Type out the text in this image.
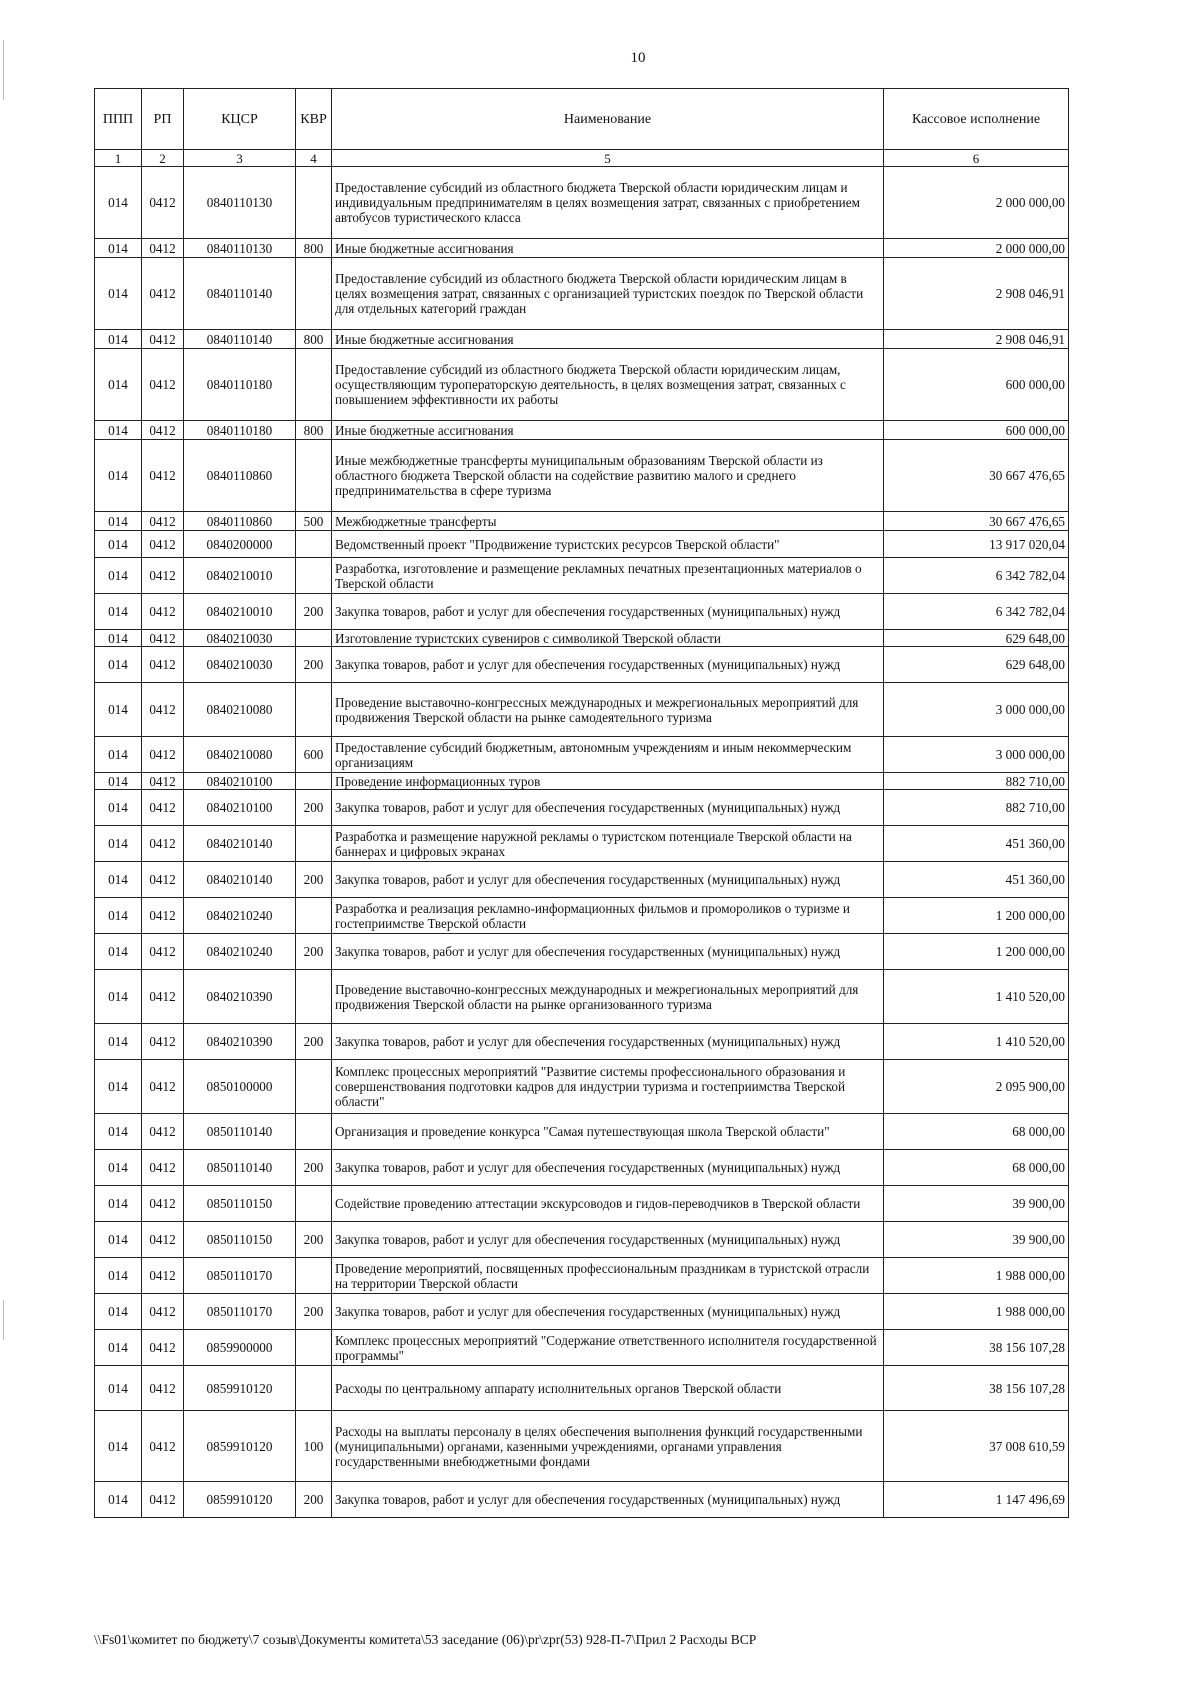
10
ППП	РП	КЦСР	КВР	Наименование	Кассовое исполнение
1	2	3	4	5	6
014	0412	0840110130		Предоставление субсидий из областного бюджета Тверской области юридическим лицам и индивидуальным предпринимателям в целях возмещения затрат, связанных с приобретением автобусов туристического класса	2 000 000,00
014	0412	0840110130	800	Иные бюджетные ассигнования	2 000 000,00
014	0412	0840110140		Предоставление субсидий из областного бюджета Тверской области юридическим лицам в целях возмещения затрат, связанных с организацией туристских поездок по Тверской области для отдельных категорий граждан	2 908 046,91
014	0412	0840110140	800	Иные бюджетные ассигнования	2 908 046,91
014	0412	0840110180		Предоставление субсидий из областного бюджета Тверской области юридическим лицам, осуществляющим туроператорскую деятельность, в целях возмещения затрат, связанных с повышением эффективности их работы	600 000,00
014	0412	0840110180	800	Иные бюджетные ассигнования	600 000,00
014	0412	0840110860		Иные межбюджетные трансферты муниципальным образованиям Тверской области из областного бюджета Тверской области на содействие развитию малого и среднего предпринимательства в сфере туризма	30 667 476,65
014	0412	0840110860	500	Межбюджетные трансферты	30 667 476,65
014	0412	0840200000		Ведомственный проект "Продвижение туристских ресурсов Тверской области"	13 917 020,04
014	0412	0840210010		Разработка, изготовление и размещение рекламных печатных презентационных материалов о Тверской области	6 342 782,04
014	0412	0840210010	200	Закупка товаров, работ и услуг для обеспечения государственных (муниципальных) нужд	6 342 782,04
014	0412	0840210030		Изготовление туристских сувениров с символикой Тверской области	629 648,00
014	0412	0840210030	200	Закупка товаров, работ и услуг для обеспечения государственных (муниципальных) нужд	629 648,00
014	0412	0840210080		Проведение выставочно-конгрессных международных и межрегиональных мероприятий для продвижения Тверской области на рынке самодеятельного туризма	3 000 000,00
014	0412	0840210080	600	Предоставление субсидий бюджетным, автономным учреждениям и иным некоммерческим организациям	3 000 000,00
014	0412	0840210100		Проведение информационных туров	882 710,00
014	0412	0840210100	200	Закупка товаров, работ и услуг для обеспечения государственных (муниципальных) нужд	882 710,00
014	0412	0840210140		Разработка и размещение наружной рекламы о туристском потенциале Тверской области на баннерах и цифровых экранах	451 360,00
014	0412	0840210140	200	Закупка товаров, работ и услуг для обеспечения государственных (муниципальных) нужд	451 360,00
014	0412	0840210240		Разработка и реализация рекламно-информационных фильмов и промороликов о туризме и гостеприимстве Тверской области	1 200 000,00
014	0412	0840210240	200	Закупка товаров, работ и услуг для обеспечения государственных (муниципальных) нужд	1 200 000,00
014	0412	0840210390		Проведение выставочно-конгрессных международных и межрегиональных мероприятий для продвижения Тверской области на рынке организованного туризма	1 410 520,00
014	0412	0840210390	200	Закупка товаров, работ и услуг для обеспечения государственных (муниципальных) нужд	1 410 520,00
014	0412	0850100000		Комплекс процессных мероприятий "Развитие системы профессионального образования и совершенствования подготовки кадров для индустрии туризма и гостеприимства Тверской области"	2 095 900,00
014	0412	0850110140		Организация и проведение конкурса "Самая путешествующая школа Тверской области"	68 000,00
014	0412	0850110140	200	Закупка товаров, работ и услуг для обеспечения государственных (муниципальных) нужд	68 000,00
014	0412	0850110150		Содействие проведению аттестации экскурсоводов и гидов-переводчиков в Тверской области	39 900,00
014	0412	0850110150	200	Закупка товаров, работ и услуг для обеспечения государственных (муниципальных) нужд	39 900,00
014	0412	0850110170		Проведение мероприятий, посвященных профессиональным праздникам в туристской отрасли на территории Тверской области	1 988 000,00
014	0412	0850110170	200	Закупка товаров, работ и услуг для обеспечения государственных (муниципальных) нужд	1 988 000,00
014	0412	0859900000		Комплекс процессных мероприятий "Содержание ответственного исполнителя государственной программы"	38 156 107,28
014	0412	0859910120		Расходы по центральному аппарату исполнительных органов Тверской области	38 156 107,28
014	0412	0859910120	100	Расходы на выплаты персоналу в целях обеспечения выполнения функций государственными (муниципальными) органами, казенными учреждениями, органами управления государственными внебюджетными фондами	37 008 610,59
014	0412	0859910120	200	Закупка товаров, работ и услуг для обеспечения государственных (муниципальных) нужд	1 147 496,69
\\Fs01\комитет по бюджету\7 созыв\Документы комитета\53 заседание (06)\pr\zpr(53) 928-П-7\Прил 2 Расходы ВСР
